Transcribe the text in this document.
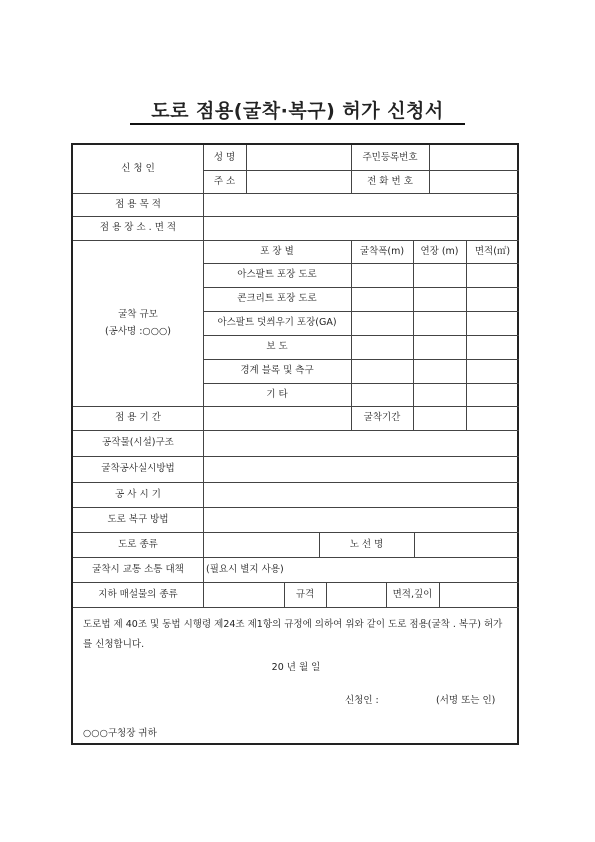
도로 점용(굴착·복구) 허가 신청서
신 청 인
성 명	주민등록번호
주 소	전 화 번 호
점 용 목 적
점 용 장 소 . 면 적
굴착 규모
(공사명 :○○○)
포 장 별	굴착폭(m)	연장 (m)	면적(㎡)
아스팔트 포장 도로
콘크리트 포장 도로
아스팔트 덧씌우기 포장(GA)
보 도
경계 블록 및 측구
기 타
점 용 기 간	굴착기간
공작물(시설)구조
굴착공사실시방법
공 사 시 기
도로 복구 방법
도로 종류	노 선 명
굴착시 교통 소통 대책	(필요시 별지 사용)
지하 매설물의 종류	규격	면적,깊이
도로법 제 40조 및 동법 시행령 제24조 제1항의 규정에 의하여 위와 같이 도로 점용(굴착 . 복구) 허가를 신청합니다.
20 년 월 일
신청인 :	(서명 또는 인)
○○○구청장 귀하
